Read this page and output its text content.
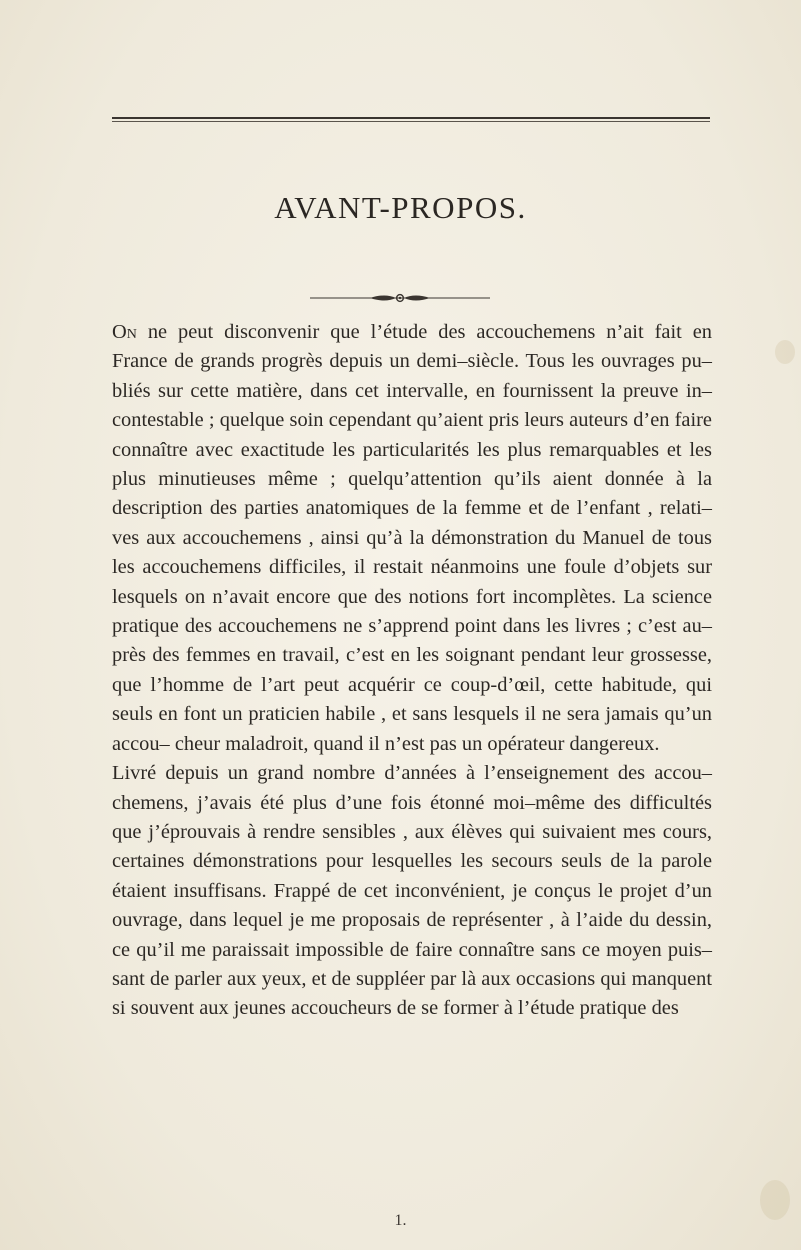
AVANT-PROPOS.

On ne peut disconvenir que l’étude des accouchemens n’ait fait en France de grands progrès depuis un demi–siècle. Tous les ouvrages pu– bliés sur cette matière, dans cet intervalle, en fournissent la preuve in– contestable ; quelque soin cependant qu’aient pris leurs auteurs d’en faire connaître avec exactitude les particularités les plus remarquables et les plus minutieuses même ; quelqu’attention qu’ils aient donnée à la description des parties anatomiques de la femme et de l’enfant , relati– ves aux accouchemens , ainsi qu’à la démonstration du Manuel de tous les accouchemens difficiles, il restait néanmoins une foule d’objets sur lesquels on n’avait encore que des notions fort incomplètes. La science pratique des accouchemens ne s’apprend point dans les livres ; c’est au– près des femmes en travail, c’est en les soignant pendant leur grossesse, que l’homme de l’art peut acquérir ce coup-d’œil, cette habitude, qui seuls en font un praticien habile , et sans lesquels il ne sera jamais qu’un accou– cheur maladroit, quand il n’est pas un opérateur dangereux.

Livré depuis un grand nombre d’années à l’enseignement des accou– chemens, j’avais été plus d’une fois étonné moi–même des difficultés que j’éprouvais à rendre sensibles , aux élèves qui suivaient mes cours, certaines démonstrations pour lesquelles les secours seuls de la parole étaient insuffisans. Frappé de cet inconvénient, je conçus le projet d’un ouvrage, dans lequel je me proposais de représenter , à l’aide du dessin, ce qu’il me paraissait impossible de faire connaître sans ce moyen puis– sant de parler aux yeux, et de suppléer par là aux occasions qui manquent si souvent aux jeunes accoucheurs de se former à l’étude pratique des

1.
